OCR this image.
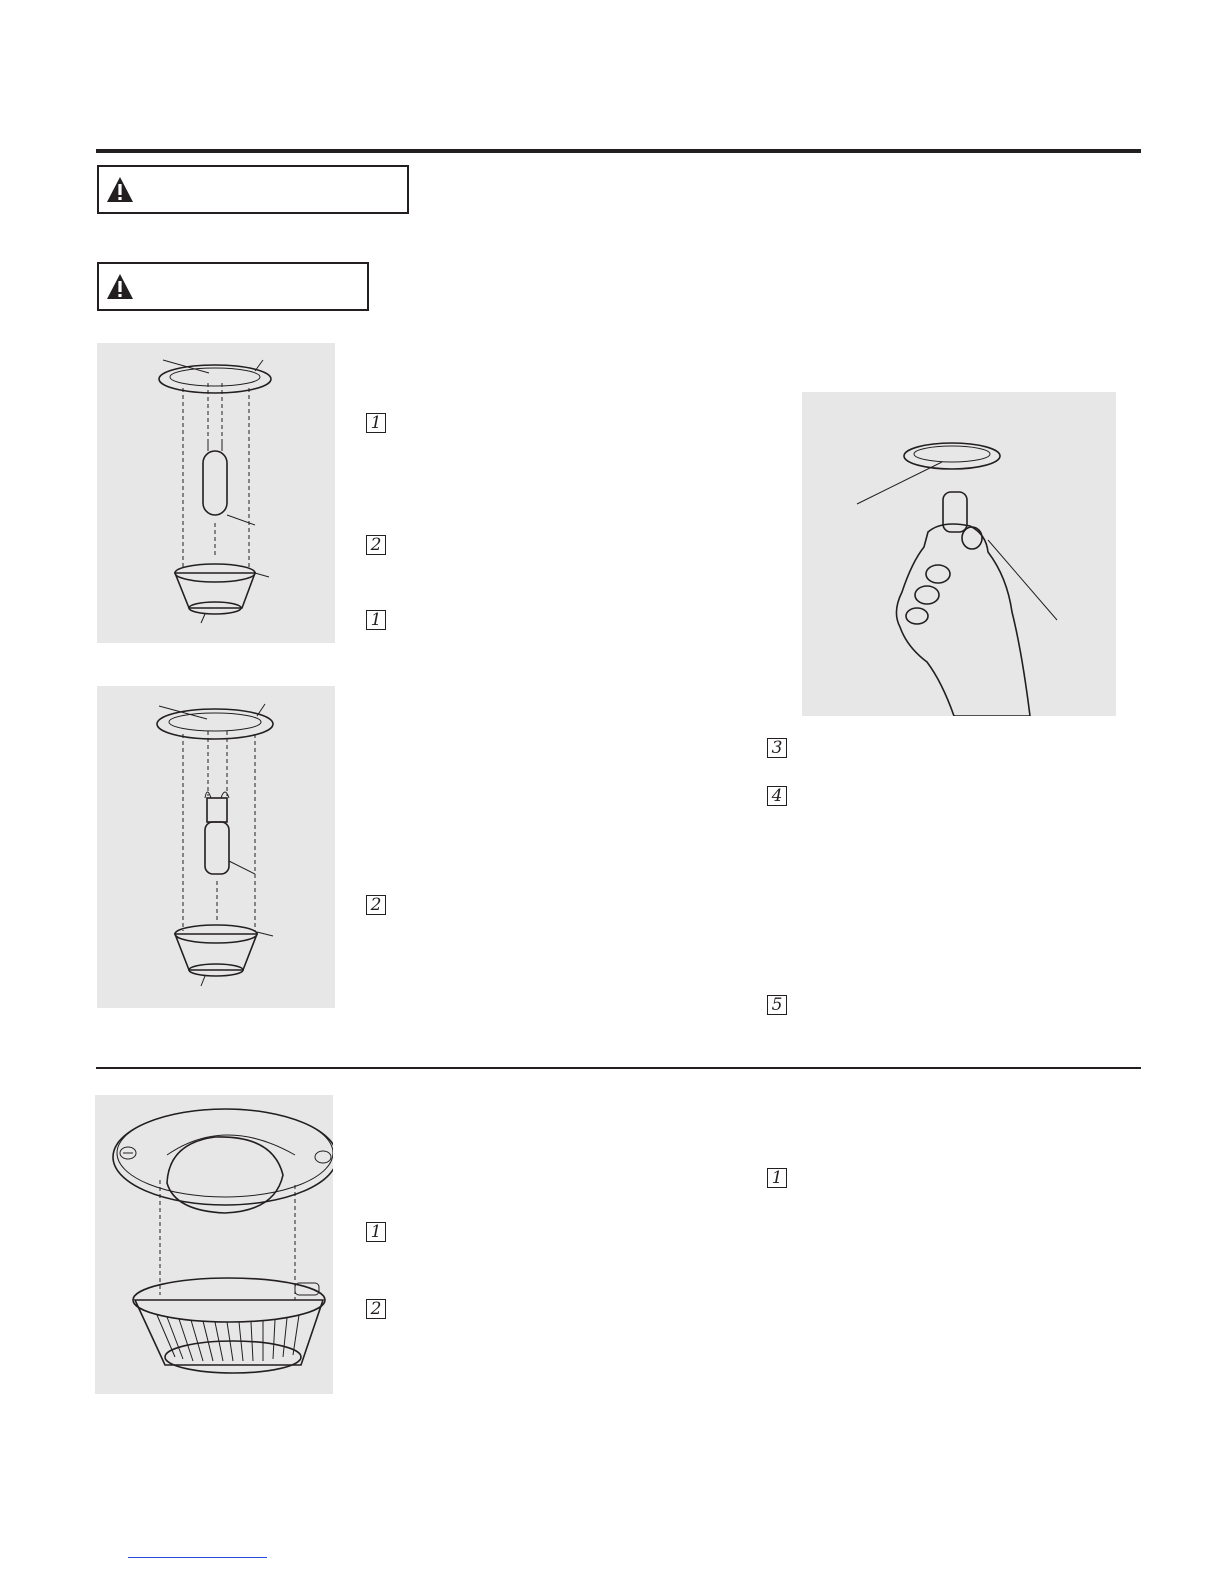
1
2
1
2
3
4
5
1
2
1
